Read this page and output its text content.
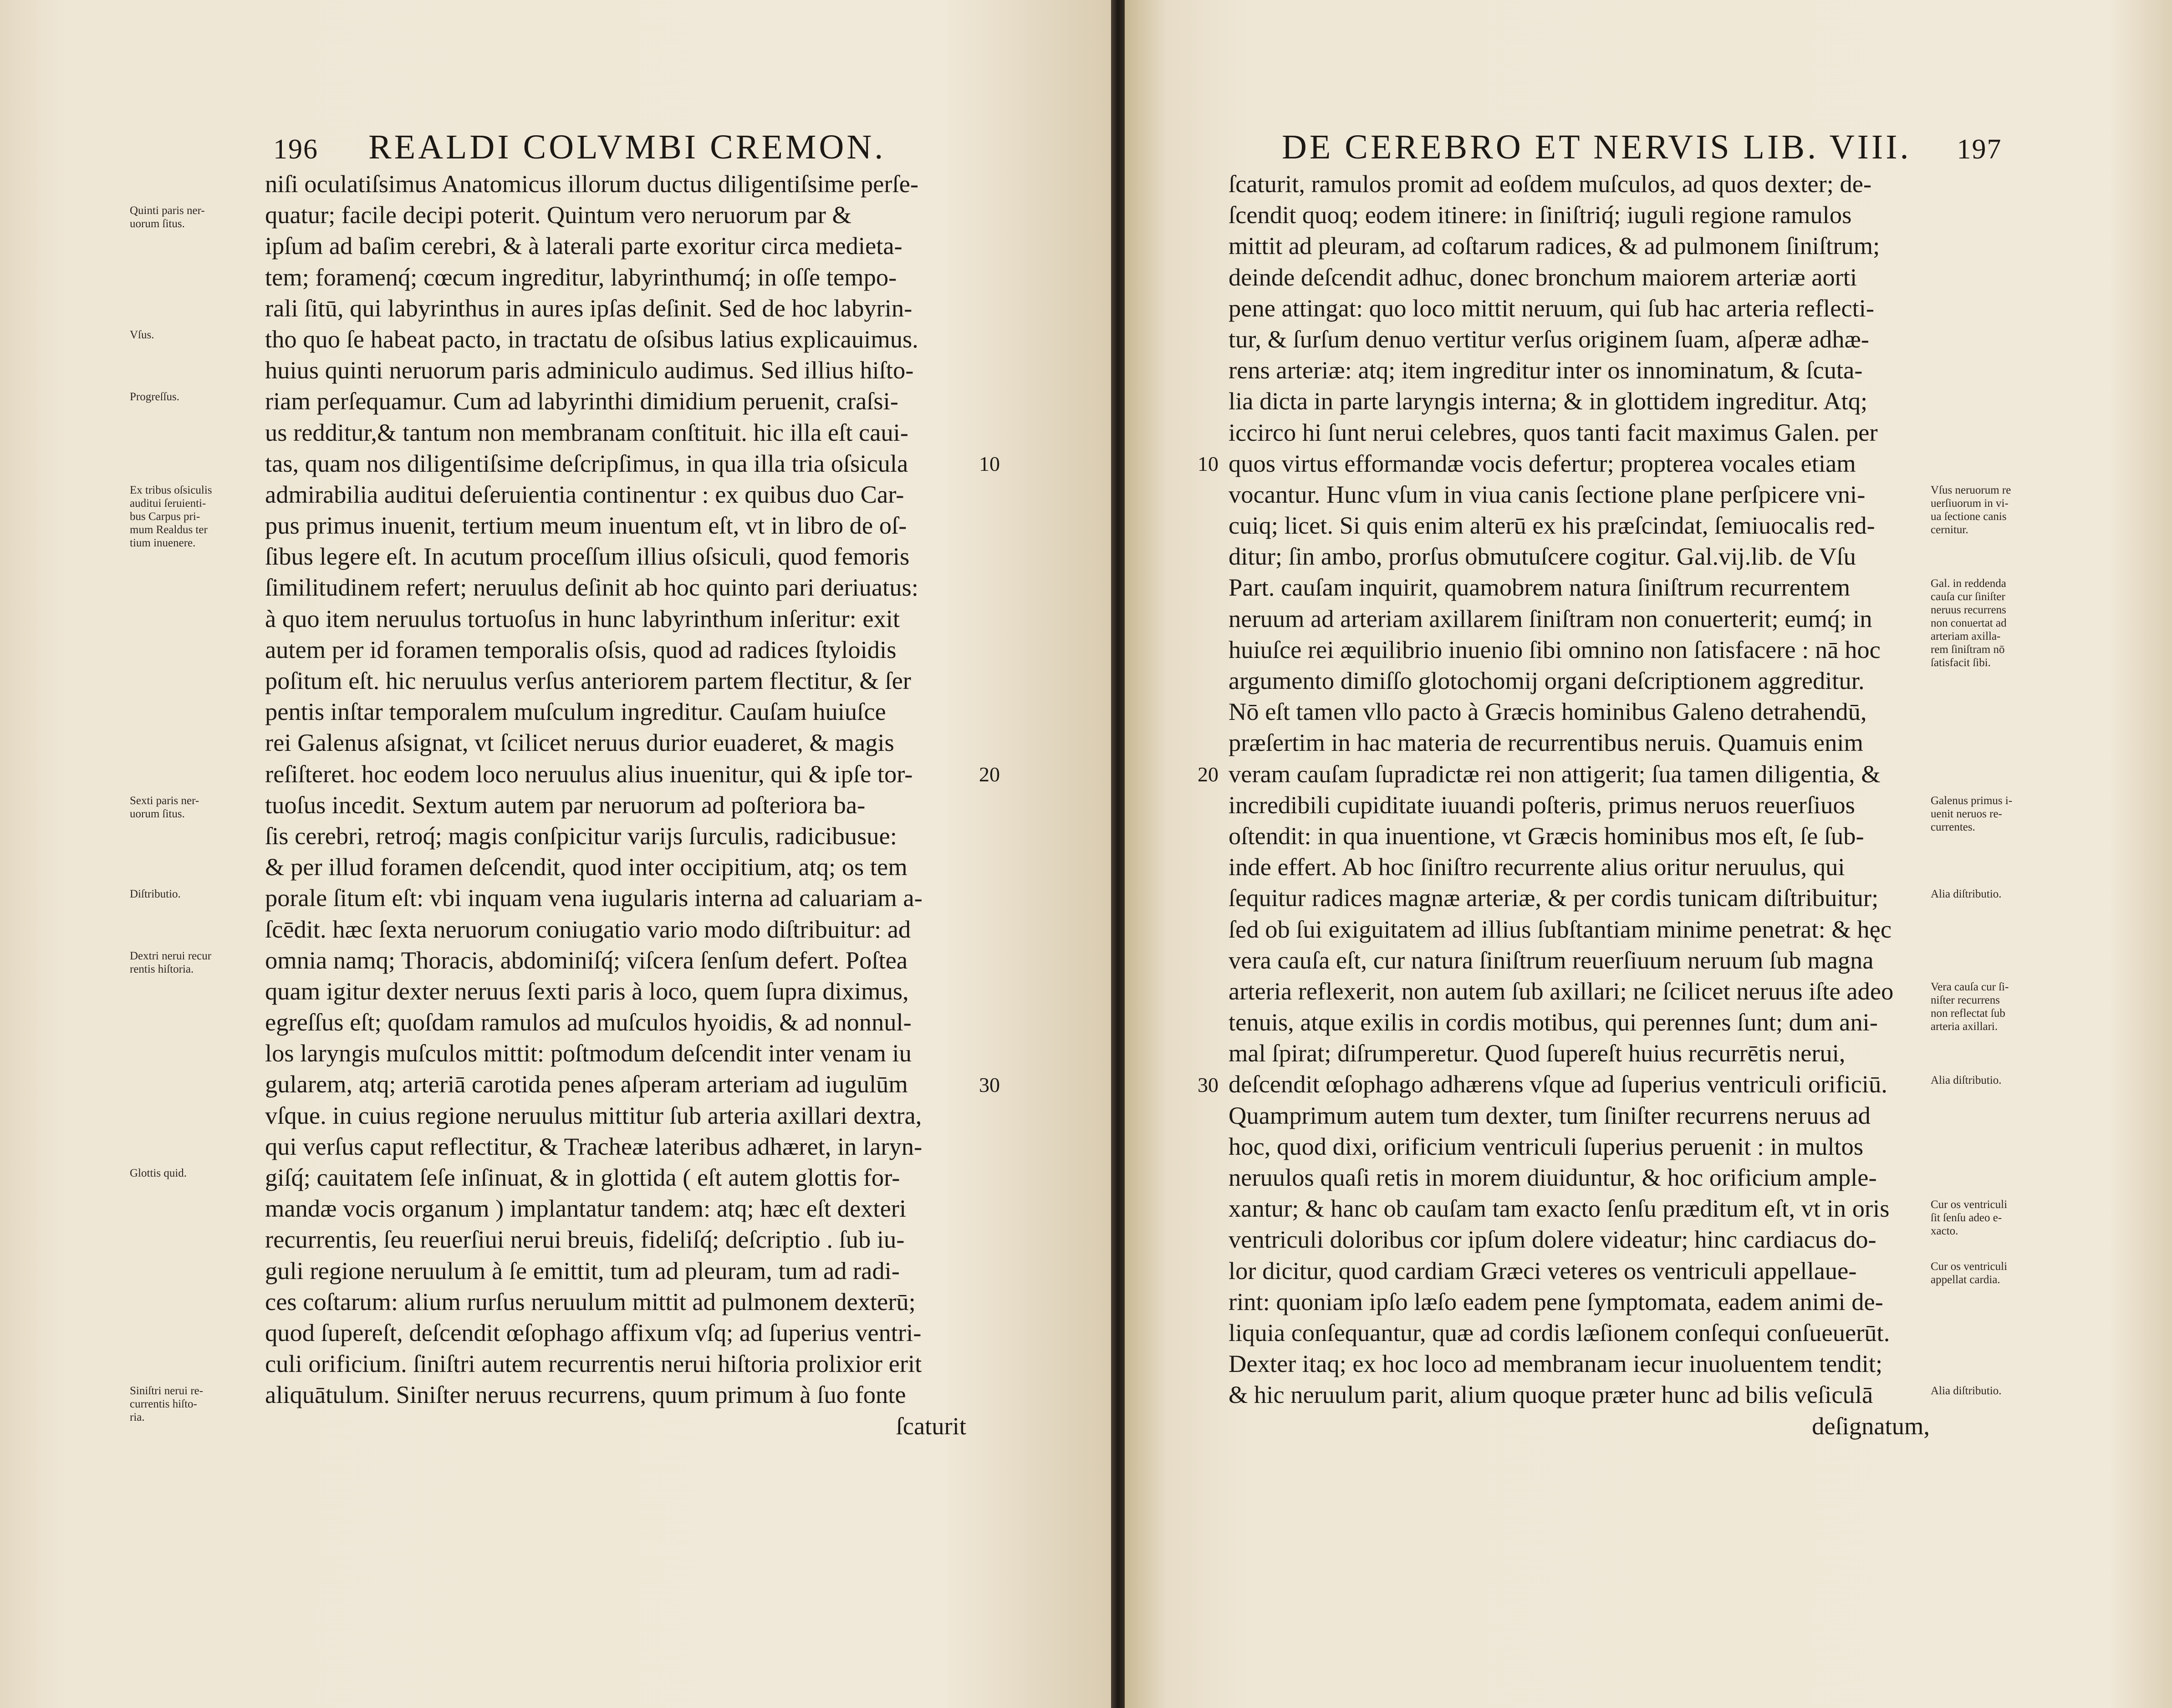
196 REALDI COLVMBI CREMON.
niſi oculatiſsimus Anatomicus illorum ductus diligentiſsime perſe-
quatur; facile decipi poterit. Quintum vero neruorum par &
ipſum ad baſim cerebri, & à laterali parte exoritur circa medieta-
tem; foramenq́; cœcum ingreditur, labyrinthumq́; in oſſe tempo-
rali ſitū, qui labyrinthus in aures ipſas deſinit. Sed de hoc labyrin-
tho quo ſe habeat pacto, in tractatu de oſsibus latius explicauimus.
huius quinti neruorum paris adminiculo audimus. Sed illius hiſto-
riam perſequamur. Cum ad labyrinthi dimidium peruenit, craſsi-
us redditur,& tantum non membranam conſtituit. hic illa eſt caui-
tas, quam nos diligentiſsime deſcripſimus, in qua illa tria oſsicula
admirabilia auditui deſeruientia continentur : ex quibus duo Car-
pus primus inuenit, tertium meum inuentum eſt, vt in libro de oſ-
ſibus legere eſt. In acutum proceſſum illius oſsiculi, quod femoris
ſimilitudinem refert; neruulus deſinit ab hoc quinto pari deriuatus:
à quo item neruulus tortuoſus in hunc labyrinthum inſeritur: exit
autem per id foramen temporalis oſsis, quod ad radices ſtyloidis
poſitum eſt. hic neruulus verſus anteriorem partem flectitur, & ſer
pentis inſtar temporalem muſculum ingreditur. Cauſam huiuſce
rei Galenus aſsignat, vt ſcilicet neruus durior euaderet, & magis
reſiſteret. hoc eodem loco neruulus alius inuenitur, qui & ipſe tor-
tuoſus incedit. Sextum autem par neruorum ad poſteriora ba-
ſis cerebri, retroq́; magis conſpicitur varijs ſurculis, radicibusue:
& per illud foramen deſcendit, quod inter occipitium, atq; os tem
porale ſitum eſt: vbi inquam vena iugularis interna ad caluariam a-
ſcēdit. hæc ſexta neruorum coniugatio vario modo diſtribuitur: ad
omnia namq; Thoracis, abdominiſq́; viſcera ſenſum defert. Poſtea
quam igitur dexter neruus ſexti paris à loco, quem ſupra diximus,
egreſſus eſt; quoſdam ramulos ad muſculos hyoidis, & ad nonnul-
los laryngis muſculos mittit: poſtmodum deſcendit inter venam iu
gularem, atq; arteriā carotida penes aſperam arteriam ad iugulūm
vſque. in cuius regione neruulus mittitur ſub arteria axillari dextra,
qui verſus caput reflectitur, & Tracheæ lateribus adhæret, in laryn-
giſq́; cauitatem ſeſe inſinuat, & in glottida ( eſt autem glottis for-
mandæ vocis organum ) implantatur tandem: atq; hæc eſt dexteri
recurrentis, ſeu reuerſiui nerui breuis, fideliſq́; deſcriptio . ſub iu-
guli regione neruulum à ſe emittit, tum ad pleuram, tum ad radi-
ces coſtarum: alium rurſus neruulum mittit ad pulmonem dexterū;
quod ſupereſt, deſcendit œſophago affixum vſq; ad ſuperius ventri-
culi orificium. ſiniſtri autem recurrentis nerui hiſtoria prolixior erit
aliquātulum. Siniſter neruus recurrens, quum primum à ſuo fonte
ſcaturit
Quinti paris ner-
uorum ſitus.
Vſus.
Progreſſus.
Ex tribus oſsiculis
auditui ſeruienti-
bus Carpus pri-
mum Realdus ter
tium inuenere.
Sexti paris ner-
uorum ſitus.
Diſtributio.
Dextri nerui recur
rentis hiſtoria.
Glottis quid.
Siniſtri nerui re-
currentis hiſto-
ria.
10
20
30
DE CEREBRO ET NERVIS LIB. VIII. 197
ſcaturit, ramulos promit ad eoſdem muſculos, ad quos dexter; de-
ſcendit quoq; eodem itinere: in ſiniſtriq́; iuguli regione ramulos
mittit ad pleuram, ad coſtarum radices, & ad pulmonem ſiniſtrum;
deinde deſcendit adhuc, donec bronchum maiorem arteriæ aorti
pene attingat: quo loco mittit neruum, qui ſub hac arteria reflecti-
tur, & ſurſum denuo vertitur verſus originem ſuam, aſperæ adhæ-
rens arteriæ: atq; item ingreditur inter os innominatum, & ſcuta-
lia dicta in parte laryngis interna; & in glottidem ingreditur. Atq;
iccirco hi ſunt nerui celebres, quos tanti facit maximus Galen. per
quos virtus efformandæ vocis defertur; propterea vocales etiam
vocantur. Hunc vſum in viua canis ſectione plane perſpicere vni-
cuiq; licet. Si quis enim alterū ex his præſcindat, ſemiuocalis red-
ditur; ſin ambo, prorſus obmutuſcere cogitur. Gal.vij.lib. de Vſu
Part. cauſam inquirit, quamobrem natura ſiniſtrum recurrentem
neruum ad arteriam axillarem ſiniſtram non conuerterit; eumq́; in
huiuſce rei æquilibrio inuenio ſibi omnino non ſatisfacere : nā hoc
argumento dimiſſo glotochomij organi deſcriptionem aggreditur.
Nō eſt tamen vllo pacto à Græcis hominibus Galeno detrahendū,
præſertim in hac materia de recurrentibus neruis. Quamuis enim
veram cauſam ſupradictæ rei non attigerit; ſua tamen diligentia, &
incredibili cupiditate iuuandi poſteris, primus neruos reuerſiuos
oſtendit: in qua inuentione, vt Græcis hominibus mos eſt, ſe ſub-
inde effert. Ab hoc ſiniſtro recurrente alius oritur neruulus, qui
ſequitur radices magnæ arteriæ, & per cordis tunicam diſtribuitur;
ſed ob ſui exiguitatem ad illius ſubſtantiam minime penetrat: & hęc
vera cauſa eſt, cur natura ſiniſtrum reuerſiuum neruum ſub magna
arteria reflexerit, non autem ſub axillari; ne ſcilicet neruus iſte adeo
tenuis, atque exilis in cordis motibus, qui perennes ſunt; dum ani-
mal ſpirat; diſrumperetur. Quod ſupereſt huius recurrētis nerui,
deſcendit œſophago adhærens vſque ad ſuperius ventriculi orificiū.
Quamprimum autem tum dexter, tum ſiniſter recurrens neruus ad
hoc, quod dixi, orificium ventriculi ſuperius peruenit : in multos
neruulos quaſi retis in morem diuiduntur, & hoc orificium ample-
xantur; & hanc ob cauſam tam exacto ſenſu præditum eſt, vt in oris
ventriculi doloribus cor ipſum dolere videatur; hinc cardiacus do-
lor dicitur, quod cardiam Græci veteres os ventriculi appellaue-
rint: quoniam ipſo læſo eadem pene ſymptomata, eadem animi de-
liquia conſequantur, quæ ad cordis læſionem conſequi conſueuerūt.
Dexter itaq; ex hoc loco ad membranam iecur inuoluentem tendit;
& hic neruulum parit, alium quoque præter hunc ad bilis veſiculā
deſignatum,
Vſus neruorum re
uerſiuorum in vi-
ua ſectione canis
cernitur.
Gal. in reddenda
cauſa cur ſiniſter
neruus recurrens
non conuertat ad
arteriam axilla-
rem ſiniſtram nō
ſatisfacit ſibi.
Galenus primus i-
uenit neruos re-
currentes.
Alia diſtributio.
Vera cauſa cur ſi-
niſter recurrens
non reflectat ſub
arteria axillari.
Alia diſtributio.
Cur os ventriculi
ſit ſenſu adeo e-
xacto.
Cur os ventriculi
appellat cardia.
Alia diſtributio.
10
20
30
